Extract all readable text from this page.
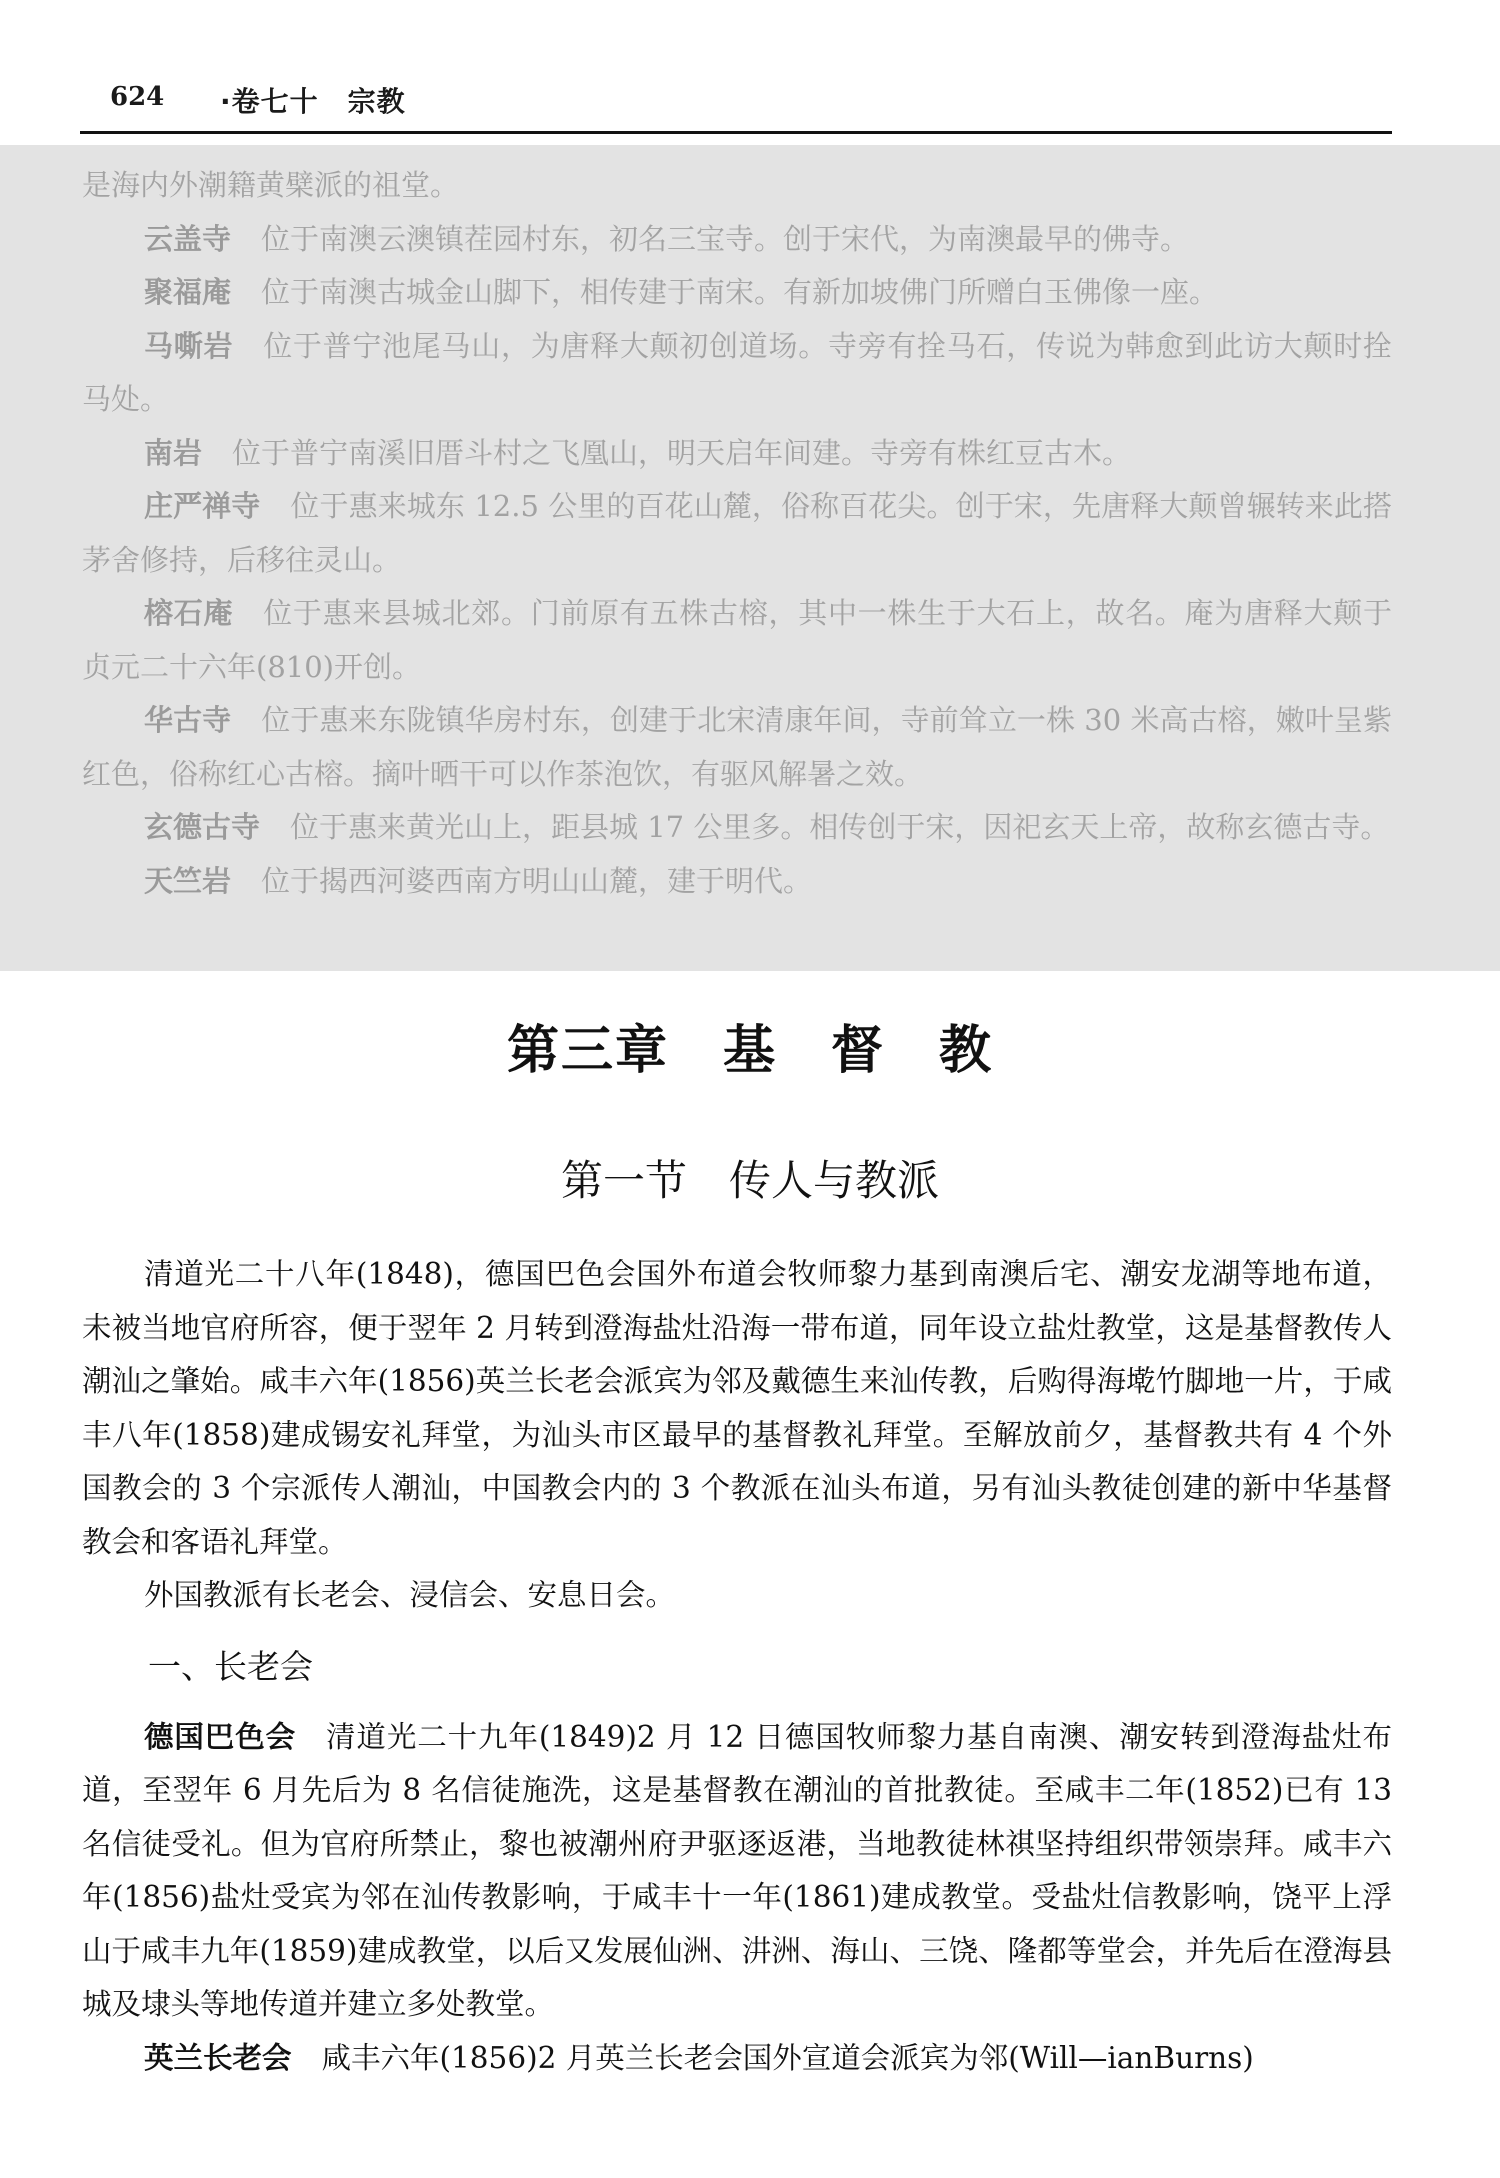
624 ·卷七十　宗教

是海内外潮籍黄檗派的祖堂。

云盖寺 位于南澳云澳镇茬园村东，初名三宝寺。创于宋代，为南澳最早的佛寺。

聚福庵 位于南澳古城金山脚下，相传建于南宋。有新加坡佛门所赠白玉佛像一座。

马嘶岩 位于普宁池尾马山，为唐释大颠初创道场。寺旁有拴马石，传说为韩愈到此访大颠时拴马处。

南岩 位于普宁南溪旧厝斗村之飞凰山，明天启年间建。寺旁有株红豆古木。

庄严禅寺 位于惠来城东 12.5 公里的百花山麓，俗称百花尖。创于宋，先唐释大颠曾辗转来此搭茅舍修持，后移往灵山。

榕石庵 位于惠来县城北郊。门前原有五株古榕，其中一株生于大石上，故名。庵为唐释大颠于贞元二十六年(810)开创。

华古寺 位于惠来东陇镇华房村东，创建于北宋清康年间，寺前耸立一株 30 米高古榕，嫩叶呈紫红色，俗称红心古榕。摘叶晒干可以作茶泡饮，有驱风解暑之效。

玄德古寺 位于惠来黄光山上，距县城 17 公里多。相传创于宋，因祀玄天上帝，故称玄德古寺。

天竺岩 位于揭西河婆西南方明山山麓，建于明代。

第三章　基　督　教
第一节　传人与教派

清道光二十八年(1848)，德国巴色会国外布道会牧师黎力基到南澳后宅、潮安龙湖等地布道，未被当地官府所容，便于翌年 2 月转到澄海盐灶沿海一带布道，同年设立盐灶教堂，这是基督教传人潮汕之肇始。咸丰六年(1856)英兰长老会派宾为邻及戴德生来汕传教，后购得海墘竹脚地一片，于咸丰八年(1858)建成锡安礼拜堂，为汕头市区最早的基督教礼拜堂。至解放前夕，基督教共有 4 个外国教会的 3 个宗派传人潮汕，中国教会内的 3 个教派在汕头布道，另有汕头教徒创建的新中华基督教会和客语礼拜堂。

外国教派有长老会、浸信会、安息日会。

一、长老会

德国巴色会 清道光二十九年(1849)2 月 12 日德国牧师黎力基自南澳、潮安转到澄海盐灶布道，至翌年 6 月先后为 8 名信徒施洗，这是基督教在潮汕的首批教徒。至咸丰二年(1852)已有 13 名信徒受礼。但为官府所禁止，黎也被潮州府尹驱逐返港，当地教徒林祺坚持组织带领崇拜。咸丰六年(1856)盐灶受宾为邻在汕传教影响，于咸丰十一年(1861)建成教堂。受盐灶信教影响，饶平上浮山于咸丰九年(1859)建成教堂，以后又发展仙洲、汫洲、海山、三饶、隆都等堂会，并先后在澄海县城及埭头等地传道并建立多处教堂。

英兰长老会 咸丰六年(1856)2 月英兰长老会国外宣道会派宾为邻(Will—ianBurns)
